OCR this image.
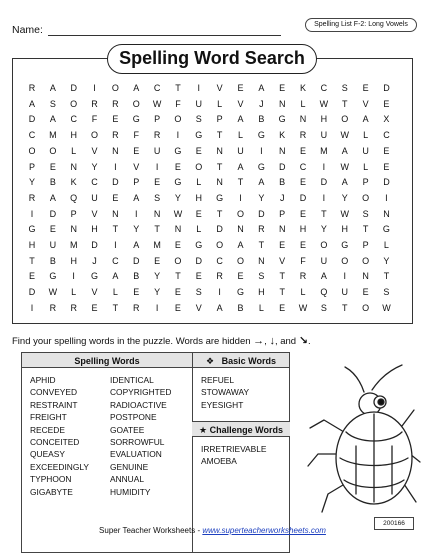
Name:	Spelling List F-2: Long Vowels
Spelling Word Search
R	A	D	I	O	A	C	T	I	V	E	A	E	K	C	S	E	D
A	S	O	R	R	O	W	F	U	L	V	J	N	L	W	T	V	E
D	A	C	F	E	G	P	O	S	P	A	B	G	N	H	O	A	X
C	M	H	O	R	F	R	I	G	T	L	G	K	R	U	W	L	C
O	O	L	V	N	E	U	G	E	N	U	I	N	E	M	A	U	E
P	E	N	Y	I	V	I	E	O	T	A	G	D	C	I	W	L	E
Y	B	K	C	D	P	E	G	L	N	T	A	B	E	D	A	P	D
R	A	Q	U	E	A	S	Y	H	G	I	Y	J	D	I	Y	O	I
I	D	P	V	N	I	N	W	E	T	O	D	P	E	T	W	S	N
G	E	N	H	T	Y	T	N	L	D	N	R	N	H	Y	H	T	G
H	U	M	D	I	A	M	E	G	O	A	T	E	E	O	G	P	L
T	B	H	J	C	D	E	O	D	C	O	N	V	F	U	O	O	Y
E	G	I	G	A	B	Y	T	E	R	E	S	T	R	A	I	N	T
D	W	L	V	L	E	Y	E	S	I	G	H	T	L	Q	U	E	S
I	R	R	E	T	R	I	E	V	A	B	L	E	W	S	T	O	W
Find your spelling words in the puzzle. Words are hidden →, ↓, and ↘.
Spelling Words	❖ Basic Words
★ Challenge Words
APHID
CONVEYED
RESTRAINT
FREIGHT
RECEDE
CONCEITED
QUEASY
EXCEEDINGLY
TYPHOON
GIGABYTE
IDENTICAL
COPYRIGHTED
RADIOACTIVE
POSTPONE
GOATEE
SORROWFUL
EVALUATION
GENUINE
ANNUAL
HUMIDITY
REFUEL
STOWAWAY
EYESIGHT
IRRETRIEVABLE
AMOEBA
Super Teacher Worksheets - www.superteacherworksheets.com
200166
